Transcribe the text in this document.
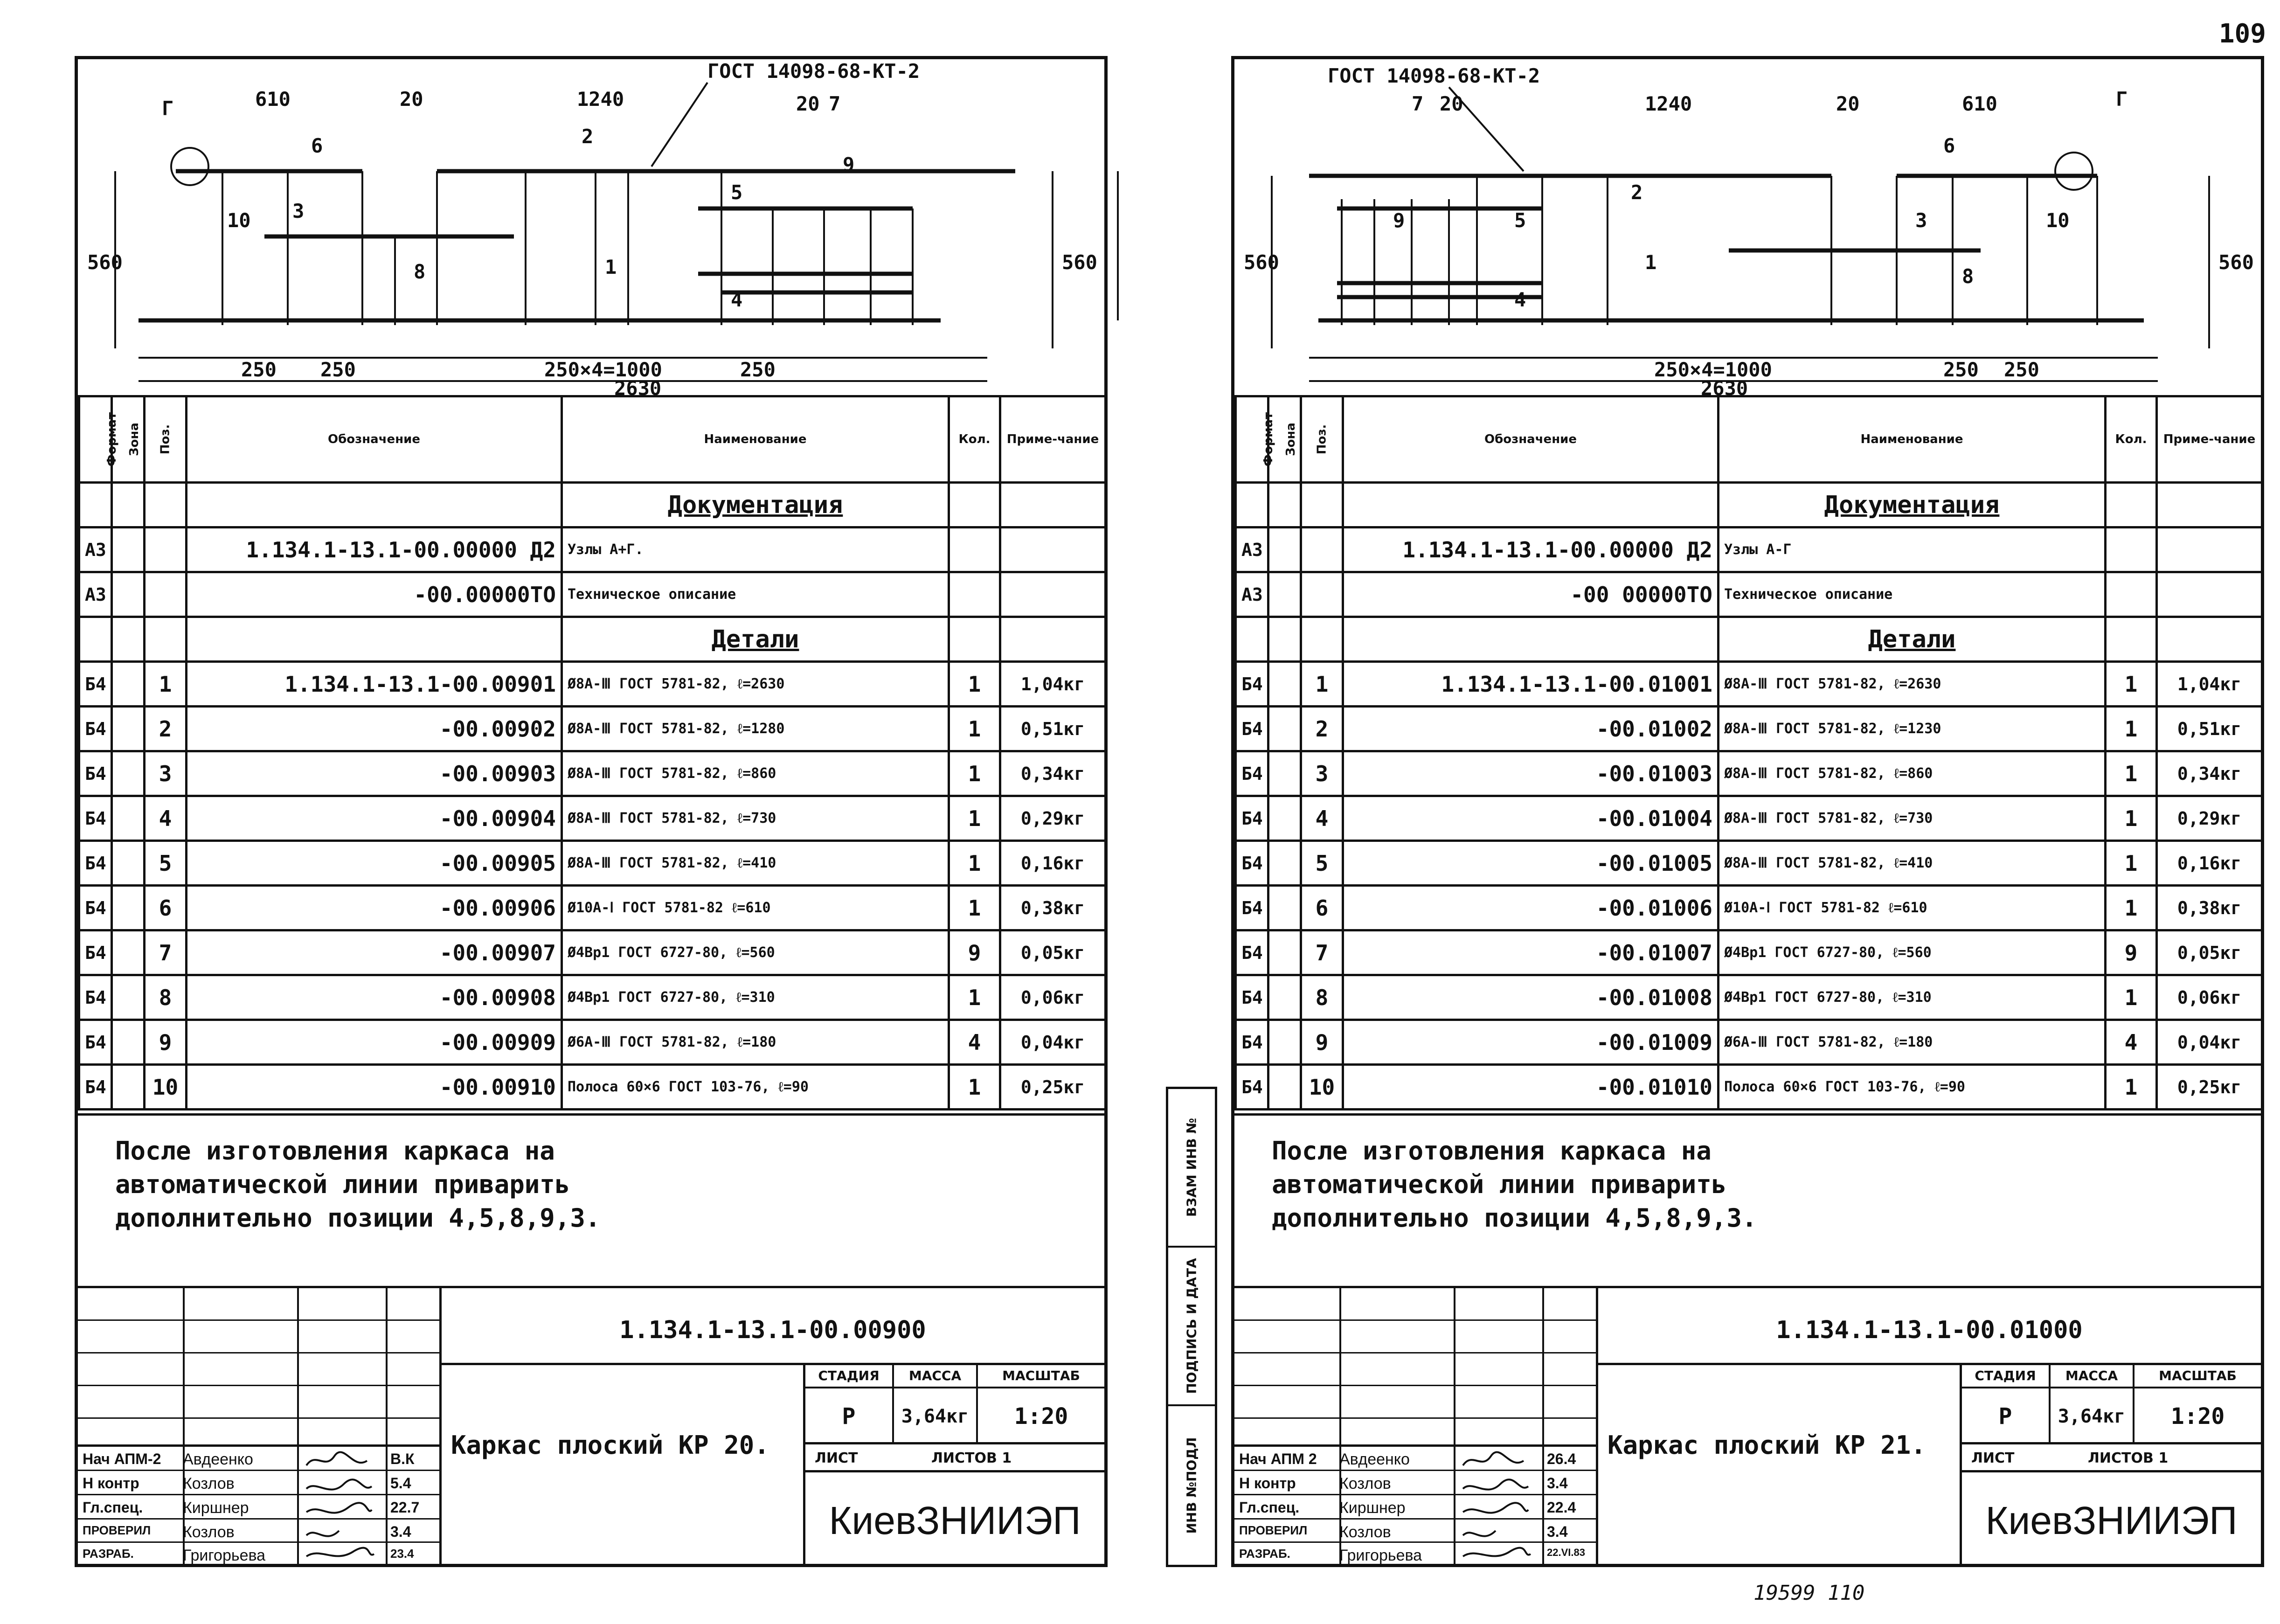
109
ВЗАМ ИНВ №
ПОДПИСЬ И ДАТА
ИНВ №ПОДЛ
ГОСТ 14098-68-КТ-2
610	20	1240	20 7
Г
1
2
3
4
5
6
9
8
10
250 250	250×4=1000	250
2630
560	560
Формат	Зона	Поз.	Обозначение	Наименование	Кол.	Приме-чание
				Документация		
А3			1.134.1-13.1-00.00000 Д2	Узлы А+Г.		
А3			-00.00000ТО	Техническое описание		
				Детали		
Б4		1	1.134.1-13.1-00.00901	Ø8А-Ⅲ ГОСТ 5781-82, ℓ=2630	1	1,04кг
Б4		2	-00.00902	Ø8А-Ⅲ ГОСТ 5781-82, ℓ=1280	1	0,51кг
Б4		3	-00.00903	Ø8А-Ⅲ ГОСТ 5781-82, ℓ=860	1	0,34кг
Б4		4	-00.00904	Ø8А-Ⅲ ГОСТ 5781-82, ℓ=730	1	0,29кг
Б4		5	-00.00905	Ø8А-Ⅲ ГОСТ 5781-82, ℓ=410	1	0,16кг
Б4		6	-00.00906	Ø10А-Ⅰ ГОСТ 5781-82 ℓ=610	1	0,38кг
Б4		7	-00.00907	Ø4Вр1 ГОСТ 6727-80, ℓ=560	9	0,05кг
Б4		8	-00.00908	Ø4Вр1 ГОСТ 6727-80, ℓ=310	1	0,06кг
Б4		9	-00.00909	Ø6А-Ⅲ ГОСТ 5781-82, ℓ=180	4	0,04кг
Б4		10	-00.00910	Полоса 60×6 ГОСТ 103-76, ℓ=90	1	0,25кг
После изготовления каркаса на
автоматической линии приварить
дополнительно позиции 4,5,8,9,3.
Нач АПМ-2 Авдеенко	В.К
Н контр	Козлов	5.4
Гл.спец.	Киршнер	22.7
ПРОВЕРИЛ Козлов	3.4
РАЗРАБ.	Григорьева	23.4
1.134.1-13.1-00.00900
Каркас плоский КР 20.
СТАДИЯ	МАССА	МАСШТАБ
Р	3,64кг	1:20
ЛИСТ	ЛИСТОВ 1
КиевЗНИИЭП
ГОСТ 14098-68-КТ-2
7 20	1240	20	610	Г
1
2
3
4
5
6
9
8
10
250×4=1000	250 250
2630
560	560
Формат	Зона	Поз.	Обозначение	Наименование	Кол.	Приме-чание
				Документация		
А3			1.134.1-13.1-00.00000 Д2	Узлы А-Г		
А3			-00 00000ТО	Техническое описание		
				Детали		
Б4		1	1.134.1-13.1-00.01001	Ø8А-Ⅲ ГОСТ 5781-82, ℓ=2630	1	1,04кг
Б4		2	-00.01002	Ø8А-Ⅲ ГОСТ 5781-82, ℓ=1230	1	0,51кг
Б4		3	-00.01003	Ø8А-Ⅲ ГОСТ 5781-82, ℓ=860	1	0,34кг
Б4		4	-00.01004	Ø8А-Ⅲ ГОСТ 5781-82, ℓ=730	1	0,29кг
Б4		5	-00.01005	Ø8А-Ⅲ ГОСТ 5781-82, ℓ=410	1	0,16кг
Б4		6	-00.01006	Ø10А-Ⅰ ГОСТ 5781-82 ℓ=610	1	0,38кг
Б4		7	-00.01007	Ø4Вр1 ГОСТ 6727-80, ℓ=560	9	0,05кг
Б4		8	-00.01008	Ø4Вр1 ГОСТ 6727-80, ℓ=310	1	0,06кг
Б4		9	-00.01009	Ø6А-Ⅲ ГОСТ 5781-82, ℓ=180	4	0,04кг
Б4		10	-00.01010	Полоса 60×6 ГОСТ 103-76, ℓ=90	1	0,25кг
После изготовления каркаса на
автоматической линии приварить
дополнительно позиции 4,5,8,9,3.
Нач АПМ 2 Авдеенко	26.4
Н контр	Козлов	3.4
Гл.спец.	Киршнер	22.4
ПРОВЕРИЛ Козлов	3.4
РАЗРАБ.	Григорьева	22.VI.83
1.134.1-13.1-00.01000
Каркас плоский КР 21.
СТАДИЯ	МАССА	МАСШТАБ
Р	3,64кг	1:20
ЛИСТ	ЛИСТОВ 1
КиевЗНИИЭП
19599 110
